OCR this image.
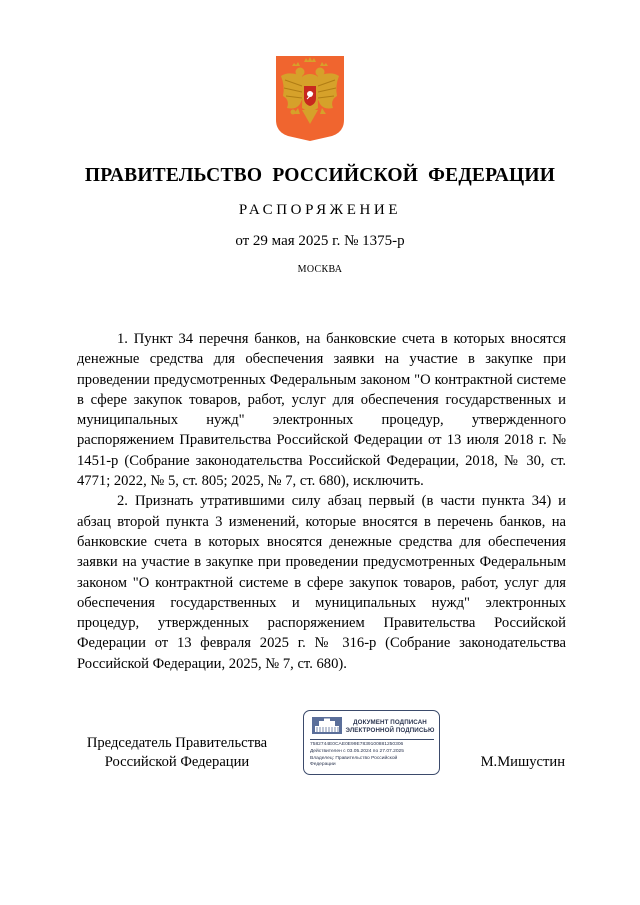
ПРАВИТЕЛЬСТВО РОССИЙСКОЙ ФЕДЕРАЦИИ
РАСПОРЯЖЕНИЕ
от 29 мая 2025 г. № 1375-р
МОСКВА

1. Пункт 34 перечня банков, на банковские счета в которых вносятся денежные средства для обеспечения заявки на участие в закупке при проведении предусмотренных Федеральным законом "О контрактной системе в сфере закупок товаров, работ, услуг для обеспечения государственных и муниципальных нужд" электронных процедур, утвержденного распоряжением Правительства Российской Федерации от 13 июля 2018 г. № 1451-р (Собрание законодательства Российской Федерации, 2018, № 30, ст. 4771; 2022, № 5, ст. 805; 2025, № 7, ст. 680), исключить.

2. Признать утратившими силу абзац первый (в части пункта 34) и абзац второй пункта 3 изменений, которые вносятся в перечень банков, на банковские счета в которых вносятся денежные средства для обеспечения заявки на участие в закупке при проведении предусмотренных Федеральным законом "О контрактной системе в сфере закупок товаров, работ, услуг для обеспечения государственных и муниципальных нужд" электронных процедур, утвержденных распоряжением Правительства Российской Федерации от 13 февраля 2025 г. № 316-р (Собрание законодательства Российской Федерации, 2025, № 7, ст. 680).

Председатель Правительства
Российской Федерации
ДОКУМЕНТ ПОДПИСАН
ЭЛЕКТРОННОЙ ПОДПИСЬЮ
7582744E0CAE0E99E7839100881250306
Действителен с 03.05.2024 по 27.07.2025
Владелец: Правительство Российской
Федерации	М.Мишустин
